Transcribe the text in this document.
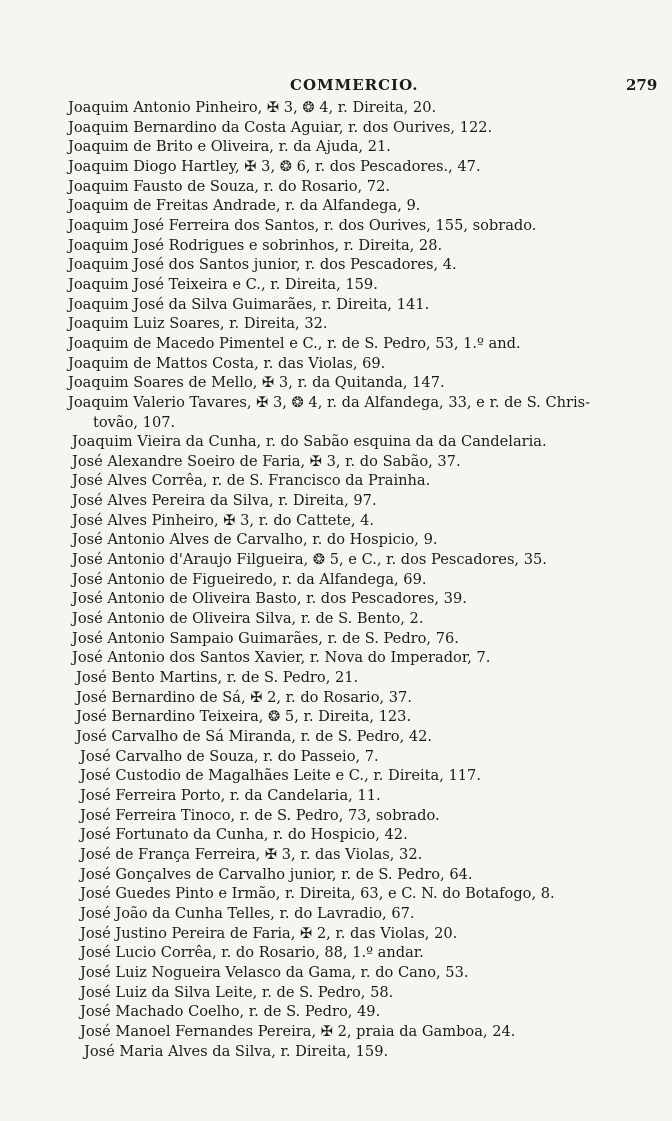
COMMERCIO.	279
Joaquim Antonio Pinheiro, ✠ 3, ❂ 4, r. Direita, 20.
Joaquim Bernardino da Costa Aguiar, r. dos Ourives, 122.
Joaquim de Brito e Oliveira, r. da Ajuda, 21.
Joaquim Diogo Hartley, ✠ 3, ❂ 6, r. dos Pescadores., 47.
Joaquim Fausto de Souza, r. do Rosario, 72.
Joaquim de Freitas Andrade, r. da Alfandega, 9.
Joaquim José Ferreira dos Santos, r. dos Ourives, 155, sobrado.
Joaquim José Rodrigues e sobrinhos, r. Direita, 28.
Joaquim José dos Santos junior, r. dos Pescadores, 4.
Joaquim José Teixeira e C., r. Direita, 159.
Joaquim José da Silva Guimarães, r. Direita, 141.
Joaquim Luiz Soares, r. Direita, 32.
Joaquim de Macedo Pimentel e C., r. de S. Pedro, 53, 1.º and.
Joaquim de Mattos Costa, r. das Violas, 69.
Joaquim Soares de Mello, ✠ 3, r. da Quitanda, 147.
Joaquim Valerio Tavares, ✠ 3, ❂ 4, r. da Alfandega, 33, e r. de S. Chris-
tovão, 107.
Joaquim Vieira da Cunha, r. do Sabão esquina da da Candelaria.
José Alexandre Soeiro de Faria, ✠ 3, r. do Sabão, 37.
José Alves Corrêa, r. de S. Francisco da Prainha.
José Alves Pereira da Silva, r. Direita, 97.
José Alves Pinheiro, ✠ 3, r. do Cattete, 4.
José Antonio Alves de Carvalho, r. do Hospicio, 9.
José Antonio d'Araujo Filgueira, ❂ 5, e C., r. dos Pescadores, 35.
José Antonio de Figueiredo, r. da Alfandega, 69.
José Antonio de Oliveira Basto, r. dos Pescadores, 39.
José Antonio de Oliveira Silva, r. de S. Bento, 2.
José Antonio Sampaio Guimarães, r. de S. Pedro, 76.
José Antonio dos Santos Xavier, r. Nova do Imperador, 7.
José Bento Martins, r. de S. Pedro, 21.
José Bernardino de Sá, ✠ 2, r. do Rosario, 37.
José Bernardino Teixeira, ❂ 5, r. Direita, 123.
José Carvalho de Sá Miranda, r. de S. Pedro, 42.
José Carvalho de Souza, r. do Passeio, 7.
José Custodio de Magalhães Leite e C., r. Direita, 117.
José Ferreira Porto, r. da Candelaria, 11.
José Ferreira Tinoco, r. de S. Pedro, 73, sobrado.
José Fortunato da Cunha, r. do Hospicio, 42.
José de França Ferreira, ✠ 3, r. das Violas, 32.
José Gonçalves de Carvalho junior, r. de S. Pedro, 64.
José Guedes Pinto e Irmão, r. Direita, 63, e C. N. do Botafogo, 8.
José João da Cunha Telles, r. do Lavradio, 67.
José Justino Pereira de Faria, ✠ 2, r. das Violas, 20.
José Lucio Corrêa, r. do Rosario, 88, 1.º andar.
José Luiz Nogueira Velasco da Gama, r. do Cano, 53.
José Luiz da Silva Leite, r. de S. Pedro, 58.
José Machado Coelho, r. de S. Pedro, 49.
José Manoel Fernandes Pereira, ✠ 2, praia da Gamboa, 24.
José Maria Alves da Silva, r. Direita, 159.
